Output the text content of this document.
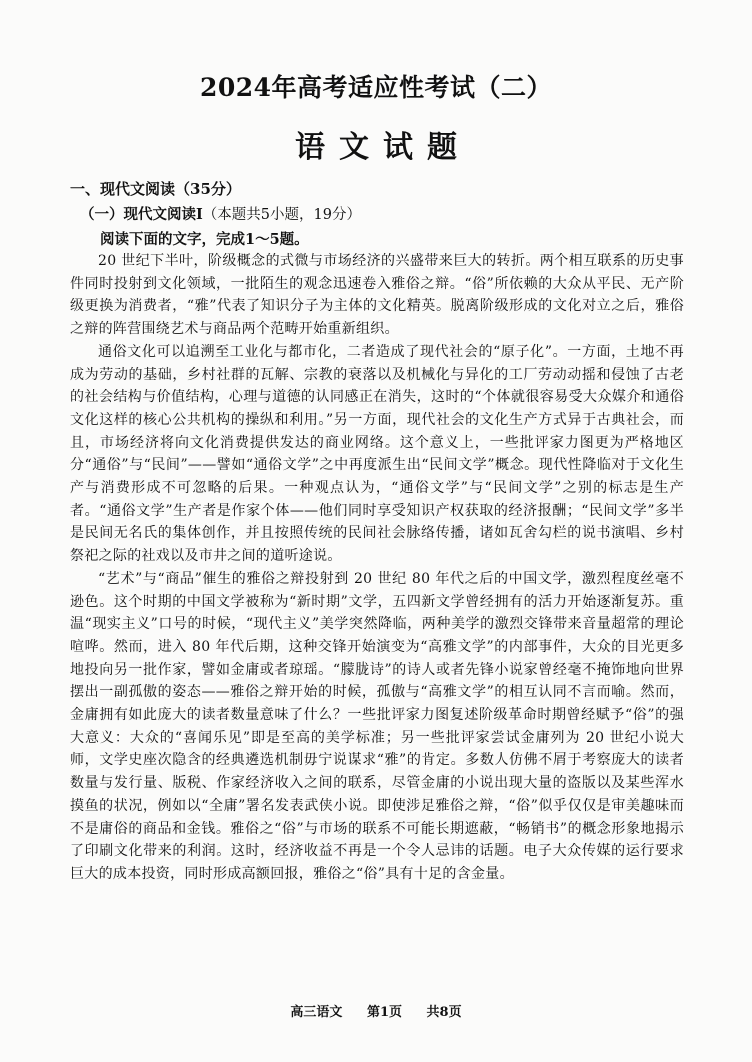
2024年高考适应性考试（二）
语文试题
一、现代文阅读（35分）
（一）现代文阅读Ⅰ（本题共5小题，19分）
阅读下面的文字，完成1～5题。

20 世纪下半叶，阶级概念的式微与市场经济的兴盛带来巨大的转折。两个相互联系的历史事件同时投射到文化领域，一批陌生的观念迅速卷入雅俗之辩。“俗”所依赖的大众从平民、无产阶级更换为消费者，“雅”代表了知识分子为主体的文化精英。脱离阶级形成的文化对立之后，雅俗之辩的阵营围绕艺术与商品两个范畴开始重新组织。

通俗文化可以追溯至工业化与都市化，二者造成了现代社会的“原子化”。一方面，土地不再成为劳动的基础，乡村社群的瓦解、宗教的衰落以及机械化与异化的工厂劳动动摇和侵蚀了古老的社会结构与价值结构，心理与道德的认同感正在消失，这时的“个体就很容易受大众媒介和通俗文化这样的核心公共机构的操纵和利用。”另一方面，现代社会的文化生产方式异于古典社会，而且，市场经济将向文化消费提供发达的商业网络。这个意义上，一些批评家力图更为严格地区分“通俗”与“民间”——譬如“通俗文学”之中再度派生出“民间文学”概念。现代性降临对于文化生产与消费形成不可忽略的后果。一种观点认为，“通俗文学”与“民间文学”之别的标志是生产者。“通俗文学”生产者是作家个体——他们同时享受知识产权获取的经济报酬；“民间文学”多半是民间无名氏的集体创作，并且按照传统的民间社会脉络传播，诸如瓦舍勾栏的说书演唱、乡村祭祀之际的社戏以及市井之间的道听途说。

“艺术”与“商品”催生的雅俗之辩投射到 20 世纪 80 年代之后的中国文学，激烈程度丝毫不逊色。这个时期的中国文学被称为“新时期”文学，五四新文学曾经拥有的活力开始逐渐复苏。重温“现实主义”口号的时候，“现代主义”美学突然降临，两种美学的激烈交锋带来音量超常的理论喧哗。然而，进入 80 年代后期，这种交锋开始演变为“高雅文学”的内部事件，大众的目光更多地投向另一批作家，譬如金庸或者琼瑶。“朦胧诗”的诗人或者先锋小说家曾经毫不掩饰地向世界摆出一副孤傲的姿态——雅俗之辩开始的时候，孤傲与“高雅文学”的相互认同不言而喻。然而，金庸拥有如此庞大的读者数量意味了什么？一些批评家力图复述阶级革命时期曾经赋予“俗”的强大意义：大众的“喜闻乐见”即是至高的美学标准；另一些批评家尝试金庸列为 20 世纪小说大师，文学史座次隐含的经典遴选机制毋宁说谋求“雅”的肯定。多数人仿佛不屑于考察庞大的读者数量与发行量、版税、作家经济收入之间的联系，尽管金庸的小说出现大量的盗版以及某些浑水摸鱼的状况，例如以“全庸”署名发表武侠小说。即使涉足雅俗之辩，“俗”似乎仅仅是审美趣味而不是庸俗的商品和金钱。雅俗之“俗”与市场的联系不可能长期遮蔽，“畅销书”的概念形象地揭示了印刷文化带来的利润。这时，经济收益不再是一个令人忌讳的话题。电子大众传媒的运行要求巨大的成本投资，同时形成高额回报，雅俗之“俗”具有十足的含金量。

高三语文 第1页 共8页
